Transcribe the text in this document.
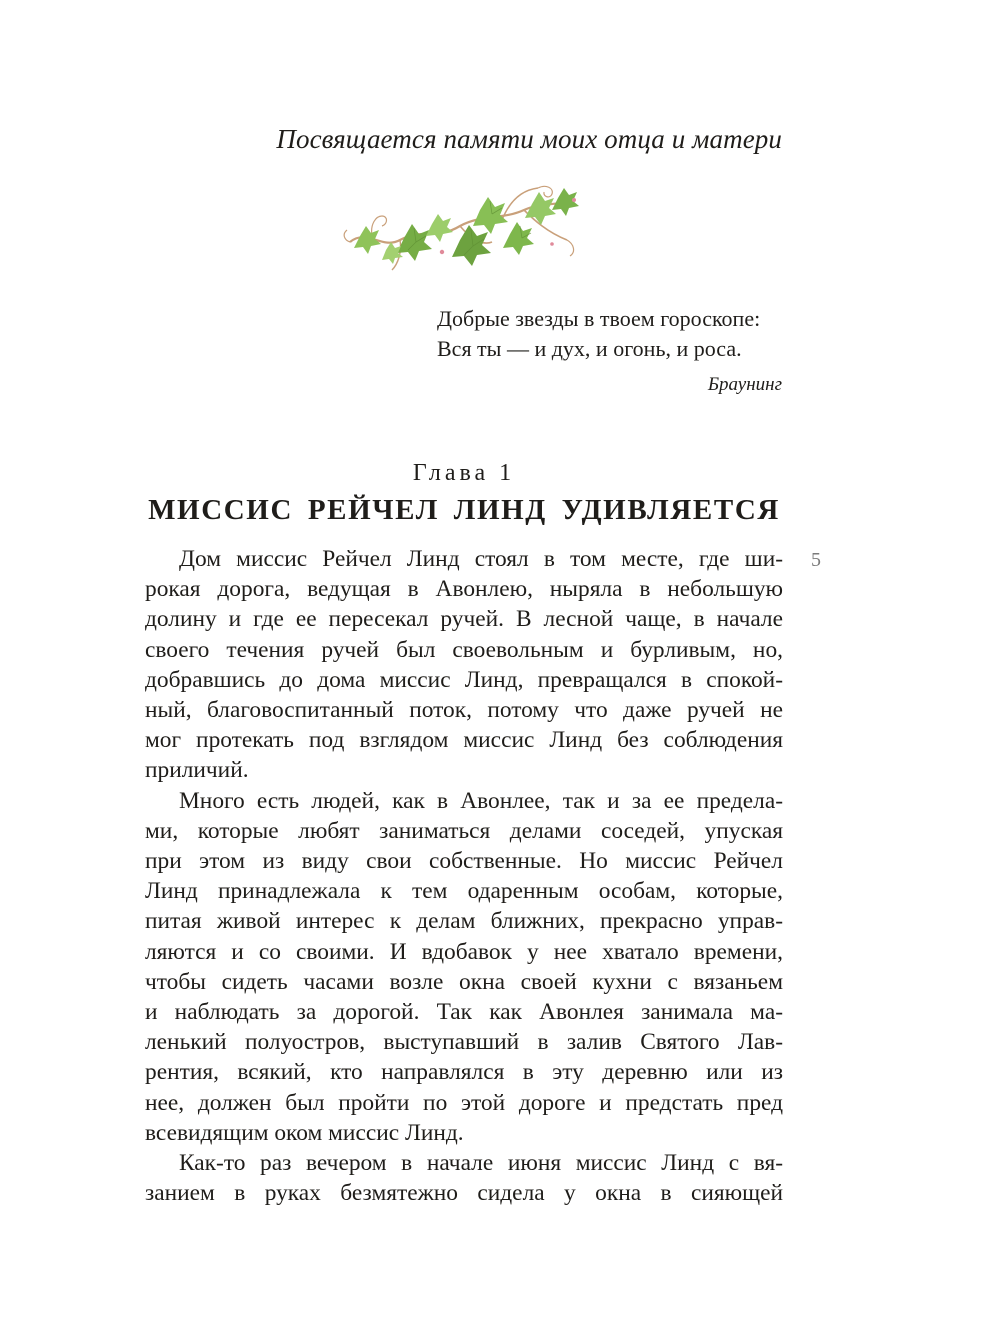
Посвящается памяти моих отца и матери
Добрые звезды в твоем гороскопе:
Вся ты — и дух, и огонь, и роса.
Браунинг
Глава 1
МИССИС РЕЙЧЕЛ ЛИНД УДИВЛЯЕТСЯ
5
Дом миссис Рейчел Линд стоял в том месте, где ши-
рокая дорога, ведущая в Авонлею, ныряла в небольшую
долину и где ее пересекал ручей. В лесной чаще, в начале
своего течения ручей был своевольным и бурливым, но,
добравшись до дома миссис Линд, превращался в спокой-
ный, благовоспитанный поток, потому что даже ручей не
мог протекать под взглядом миссис Линд без соблюдения
приличий.
Много есть людей, как в Авонлее, так и за ее предела-
ми, которые любят заниматься делами соседей, упуская
при этом из виду свои собственные. Но миссис Рейчел
Линд принадлежала к тем одаренным особам, которые,
питая живой интерес к делам ближних, прекрасно управ-
ляются и со своими. И вдобавок у нее хватало времени,
чтобы сидеть часами возле окна своей кухни с вязаньем
и наблюдать за дорогой. Так как Авонлея занимала ма-
ленький полуостров, выступавший в залив Святого Лав-
рентия, всякий, кто направлялся в эту деревню или из
нее, должен был пройти по этой дороге и предстать пред
всевидящим оком миссис Линд.
Как-то раз вечером в начале июня миссис Линд с вя-
занием в руках безмятежно сидела у окна в сияющей
